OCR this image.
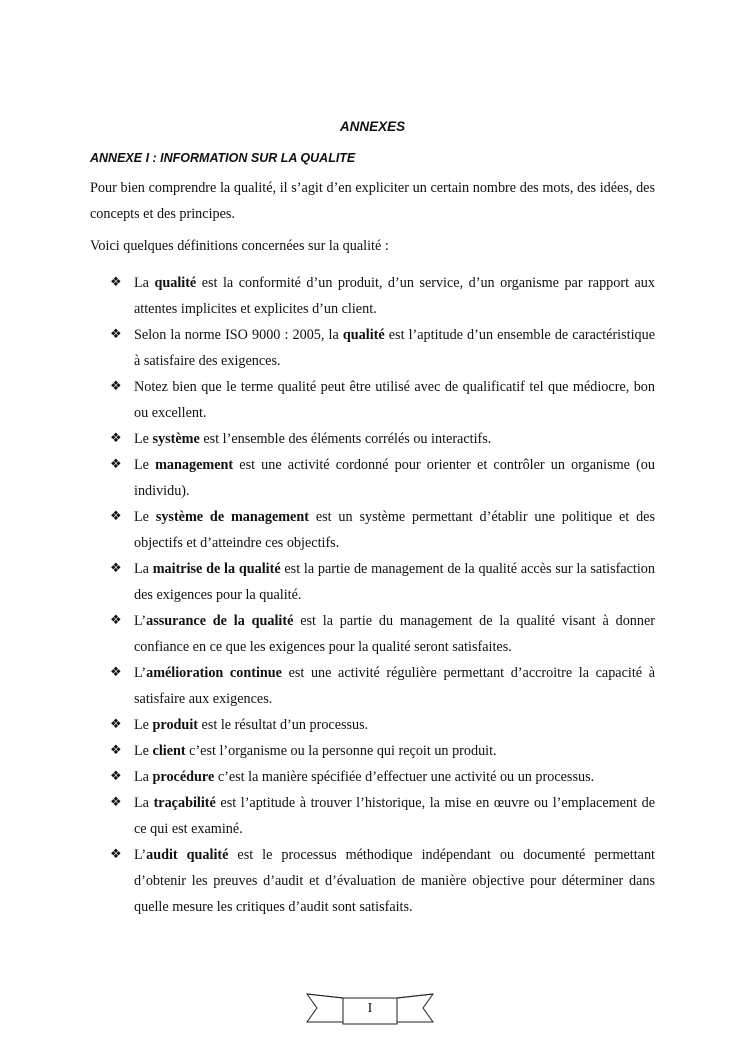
ANNEXES
ANNEXE I : INFORMATION SUR LA QUALITE

Pour bien comprendre la qualité, il s’agit d’en expliciter un certain nombre des mots, des idées, des concepts et des principes.

Voici quelques définitions concernées sur la qualité :

❖ La qualité est la conformité d’un produit, d’un service, d’un organisme par rapport aux attentes implicites et explicites d’un client.
❖ Selon la norme ISO 9000 : 2005, la qualité est l’aptitude d’un ensemble de caractéristique à satisfaire des exigences.
❖ Notez bien que le terme qualité peut être utilisé avec de qualificatif tel que médiocre, bon ou excellent.
❖ Le système est l’ensemble des éléments corrélés ou interactifs.
❖ Le management est une activité cordonné pour orienter et contrôler un organisme (ou individu).
❖ Le système de management est un système permettant d’établir une politique et des objectifs et d’atteindre ces objectifs.
❖ La maitrise de la qualité est la partie de management de la qualité accès sur la satisfaction des exigences pour la qualité.
❖ L’assurance de la qualité est la partie du management de la qualité visant à donner confiance en ce que les exigences pour la qualité seront satisfaites.
❖ L’amélioration continue est une activité régulière permettant d’accroitre la capacité à satisfaire aux exigences.
❖ Le produit est le résultat d’un processus.
❖ Le client c’est l’organisme ou la personne qui reçoit un produit.
❖ La procédure c’est la manière spécifiée d’effectuer une activité ou un processus.
❖ La traçabilité est l’aptitude à trouver l’historique, la mise en œuvre ou l’emplacement de ce qui est examiné.
❖ L’audit qualité est le processus méthodique indépendant ou documenté permettant d’obtenir les preuves d’audit et d’évaluation de manière objective pour déterminer dans quelle mesure les critiques d’audit sont satisfaits.
I
